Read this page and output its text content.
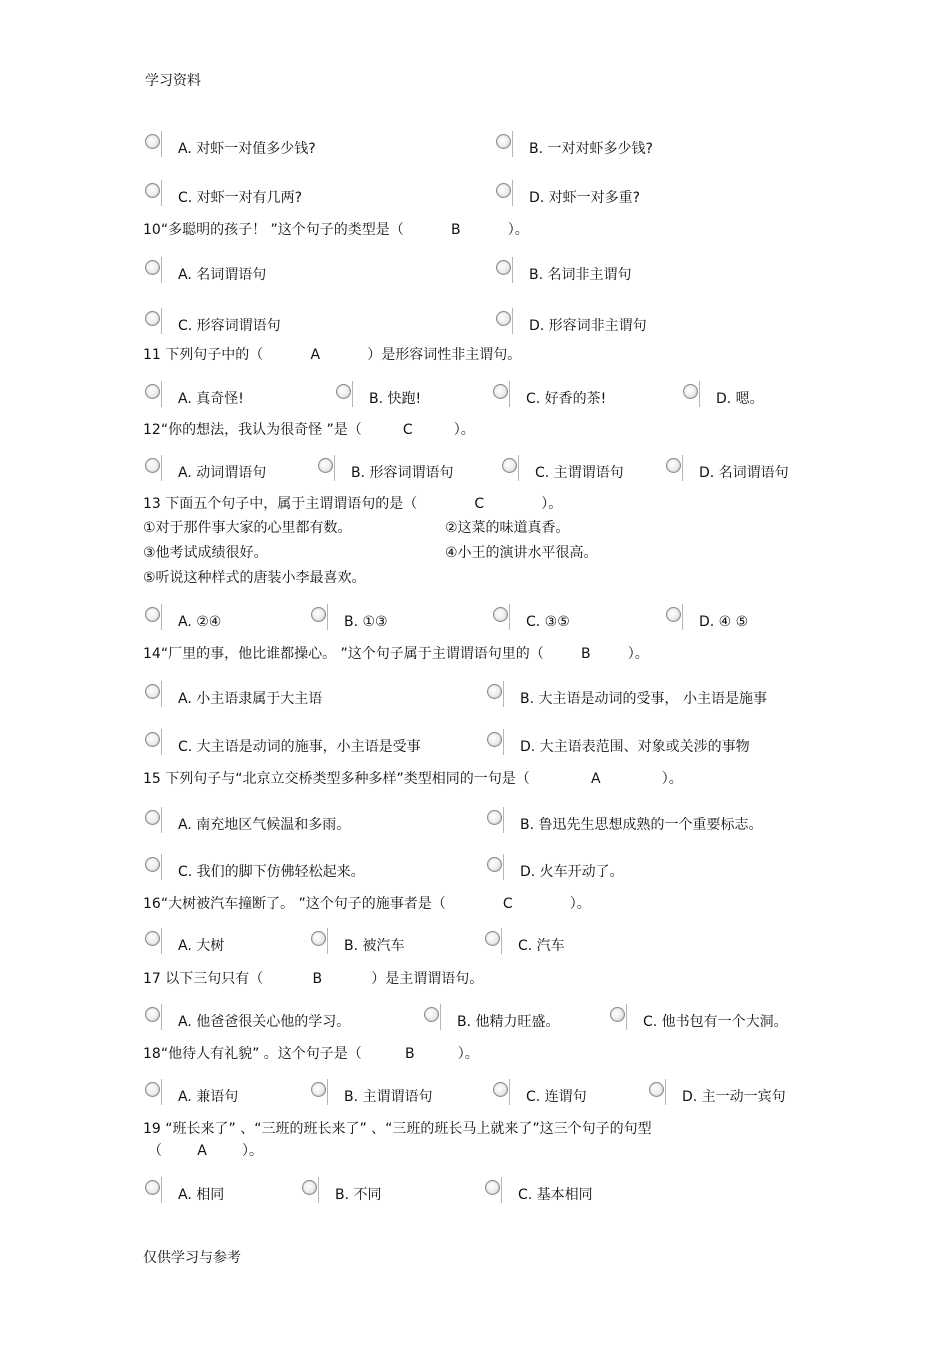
学习资料
A. 对虾一对值多少钱?	B. 一对对虾多少钱?
C. 对虾一对有几两?	D. 对虾一对多重?
10“多聪明的孩子！ ”这个句子的类型是（	B	）。
A. 名词谓语句	B. 名词非主谓句
C. 形容词谓语句	D. 形容词非主谓句
11 下列句子中的（	A	）是形容词性非主谓句。
A. 真奇怪!	B. 快跑!	C. 好香的茶!	D. 嗯。
12“你的想法，我认为很奇怪 ”是（	C	）。
A. 动词谓语句	B. 形容词谓语句	C. 主谓谓语句	D. 名词谓语句
13 下面五个句子中，属于主谓谓语句的是（	C	）。
①对于那件事大家的心里都有数。	②这菜的味道真香。
③他考试成绩很好。	④小王的演讲水平很高。
⑤听说这种样式的唐装小李最喜欢。
A. ②④	B. ①③	C. ③⑤	D. ④ ⑤
14“厂里的事，他比谁都操心。 ”这个句子属于主谓谓语句里的（	B	）。
A. 小主语隶属于大主语	B. 大主语是动词的受事， 小主语是施事
C. 大主语是动词的施事，小主语是受事	D. 大主语表范围、对象或关涉的事物
15 下列句子与“北京立交桥类型多种多样”类型相同的一句是（	A	）。
A. 南充地区气候温和多雨。	B. 鲁迅先生思想成熟的一个重要标志。
C. 我们的脚下仿佛轻松起来。	D. 火车开动了。
16“大树被汽车撞断了。 ”这个句子的施事者是（	C	）。
A. 大树	B. 被汽车	C. 汽车
17 以下三句只有（	B	）是主谓谓语句。
A. 他爸爸很关心他的学习。	B. 他精力旺盛。	C. 他书包有一个大洞。
18“他待人有礼貌” 。这个句子是（	B	）。
A. 兼语句	B. 主谓谓语句	C. 连谓句	D. 主一动一宾句
19 “班长来了” 、“三班的班长来了” 、“三班的班长马上就来了”这三个句子的句型
（	A	）。
A. 相同	B. 不同	C. 基本相同
仅供学习与参考
